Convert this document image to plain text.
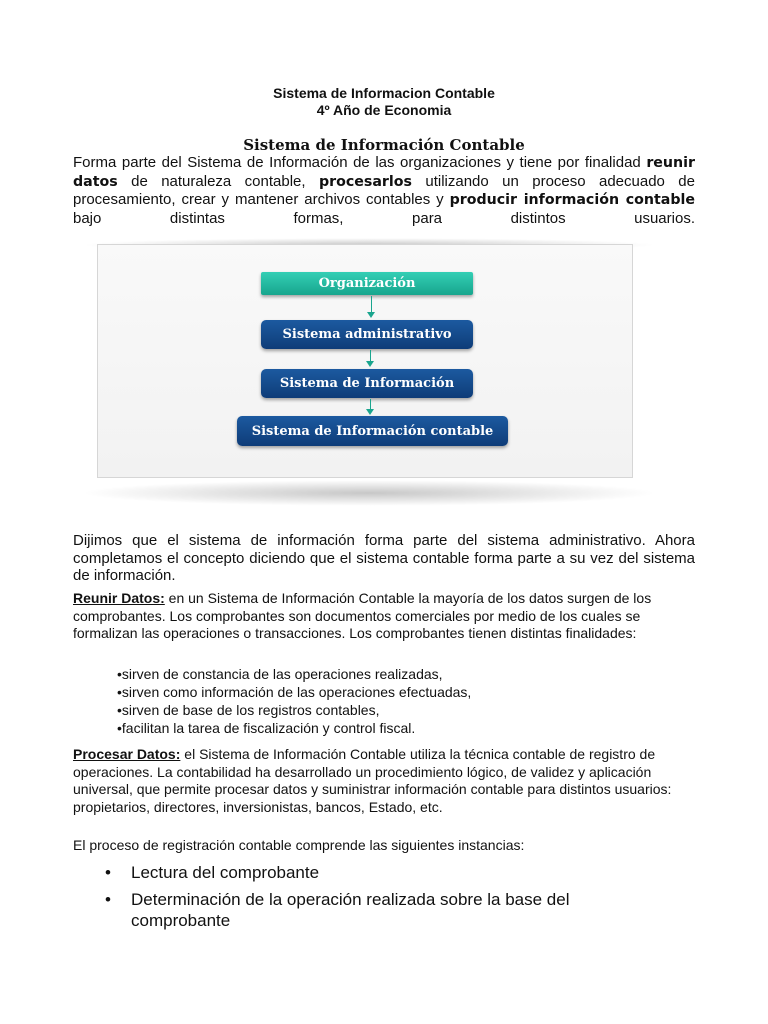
Sistema de Informacion Contable
4º Año de Economia
Sistema de Información Contable
Forma parte del Sistema de Información de las organizaciones y tiene por finalidad reunir datos de naturaleza contable, procesarlos utilizando un proceso adecuado de procesamiento, crear y mantener archivos contables y producir información contable bajo distintas formas, para distintos usuarios.
Organización
Sistema administrativo
Sistema de Información
Sistema de Información contable
Dijimos que el sistema de información forma parte del sistema administrativo. Ahora completamos el concepto diciendo que el sistema contable forma parte a su vez del sistema de información.
Reunir Datos: en un Sistema de Información Contable la mayoría de los datos surgen de los comprobantes. Los comprobantes son documentos comerciales por medio de los cuales se formalizan las operaciones o transacciones. Los comprobantes tienen distintas finalidades:
•sirven de constancia de las operaciones realizadas,
•sirven como información de las operaciones efectuadas,
•sirven de base de los registros contables,
•facilitan la tarea de fiscalización y control fiscal.
Procesar Datos: el Sistema de Información Contable utiliza la técnica contable de registro de operaciones. La contabilidad ha desarrollado un procedimiento lógico, de validez y aplicación universal, que permite procesar datos y suministrar información contable para distintos usuarios: propietarios, directores, inversionistas, bancos, Estado, etc.
El proceso de registración contable comprende las siguientes instancias:
• Lectura del comprobante
• Determinación de la operación realizada sobre la base del comprobante
